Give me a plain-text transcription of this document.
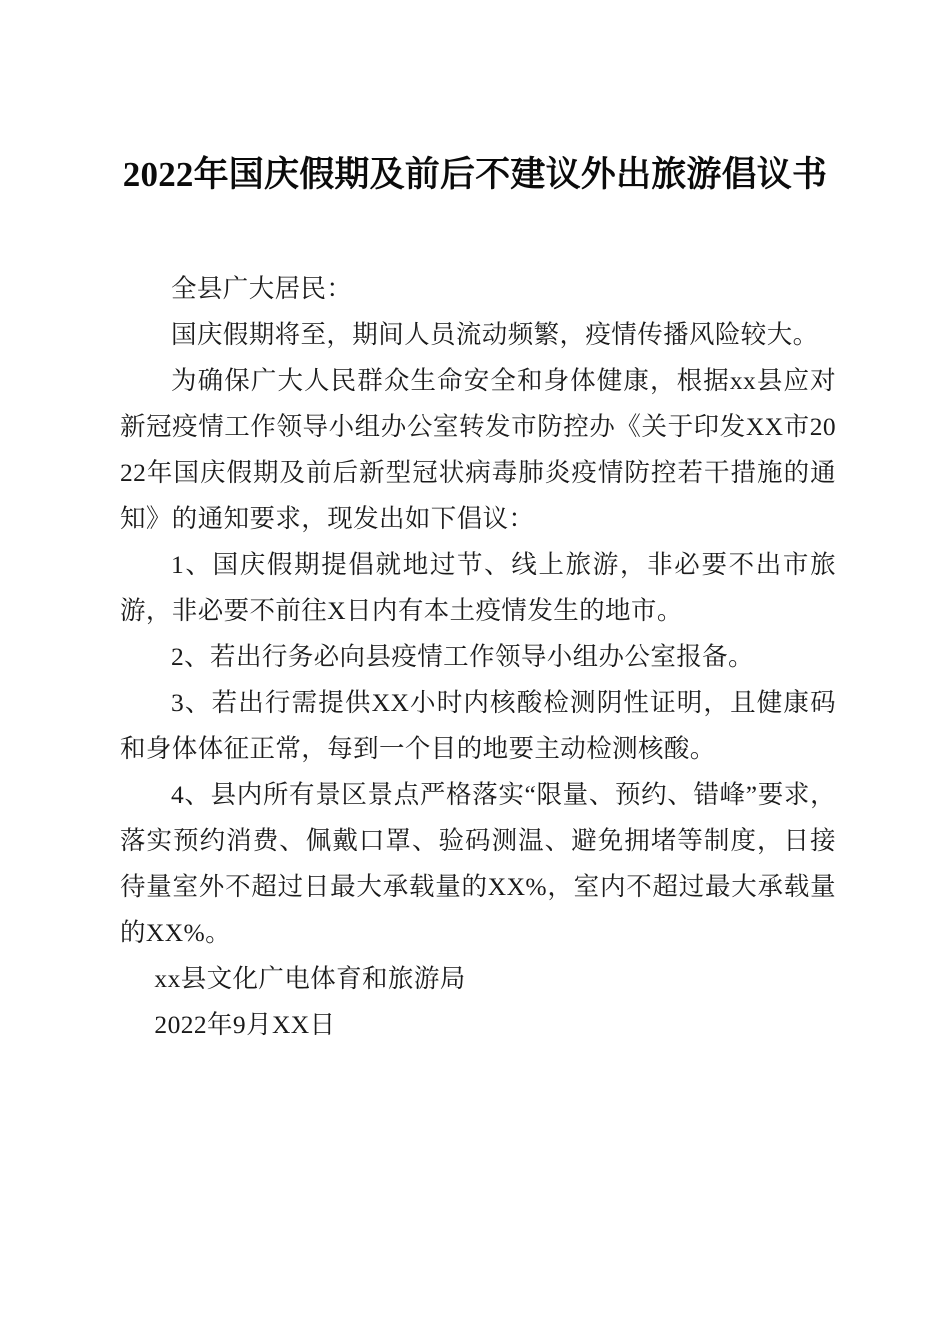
2022年国庆假期及前后不建议外出旅游倡议书

全县广大居民：

国庆假期将至，期间人员流动频繁，疫情传播风险较大。

为确保广大人民群众生命安全和身体健康，根据xx县应对新冠疫情工作领导小组办公室转发市防控办《关于印发XX市2022年国庆假期及前后新型冠状病毒肺炎疫情防控若干措施的通知》的通知要求，现发出如下倡议：

1、国庆假期提倡就地过节、线上旅游，非必要不出市旅游，非必要不前往X日内有本土疫情发生的地市。

2、若出行务必向县疫情工作领导小组办公室报备。

3、若出行需提供XX小时内核酸检测阴性证明，且健康码和身体体征正常，每到一个目的地要主动检测核酸。

4、县内所有景区景点严格落实“限量、预约、错峰”要求，落实预约消费、佩戴口罩、验码测温、避免拥堵等制度，日接待量室外不超过日最大承载量的XX%，室内不超过最大承载量的XX%。

xx县文化广电体育和旅游局

2022年9月XX日
